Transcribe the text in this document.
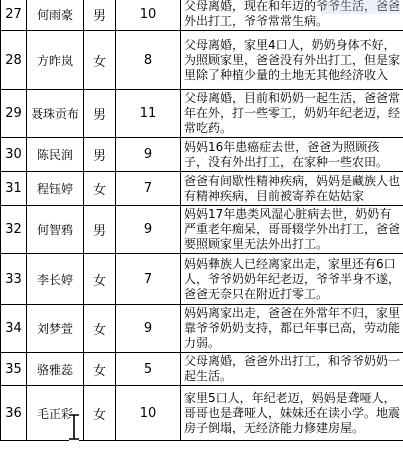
27	何雨豪	男	10	父母离婚，现在和年迈的爷爷生活，爸爸外出打工，爷爷常常生病。
28	方昨岚	女	8	父母离婚，家里4口人，奶奶身体不好，为照顾家里，爸爸没有外出打工，但是家里除了种植少量的土地无其他经济收入
29	聂珠贡布	男	11	父母离婚，目前和奶奶一起生活，爸爸常年在外，打一些零工，奶奶年纪老迈，经常吃药。
30	陈民润	男	9	妈妈16年患癌症去世，爸爸为照顾孩子，没有外出打工，在家种一些农田。
31	程钰婷	女	7	爸爸有间歇性精神疾病，妈妈是藏族人也有精神疾病，目前被寄养在姑姑家
32	何智鸦	男	9	妈妈17年患类风湿心脏病去世，奶奶有严重老年痴呆，哥哥辍学外出打工，爸爸要照顾家里无法外出打工。
33	李长婷	女	7	妈妈彝族人已经离家出走，家里还有6口人，爷爷奶奶年纪老迈，爷爷半身不遂，爸爸无奈只在附近打零工。
34	刘梦萱	女	9	妈妈离家出走，爸爸在外常年不归，家里靠爷爷奶奶支持，都已年事已高，劳动能力弱。
35	骆雅蕊	女	5	父母离婚，爸爸外出打工，和爷爷奶奶一起生活。
36	毛正彩	女	10	家里5口人，年纪老迈，妈妈是聋哑人，哥哥也是聋哑人，妹妹还在读小学。地震房子倒塌，无经济能力修建房屋。
